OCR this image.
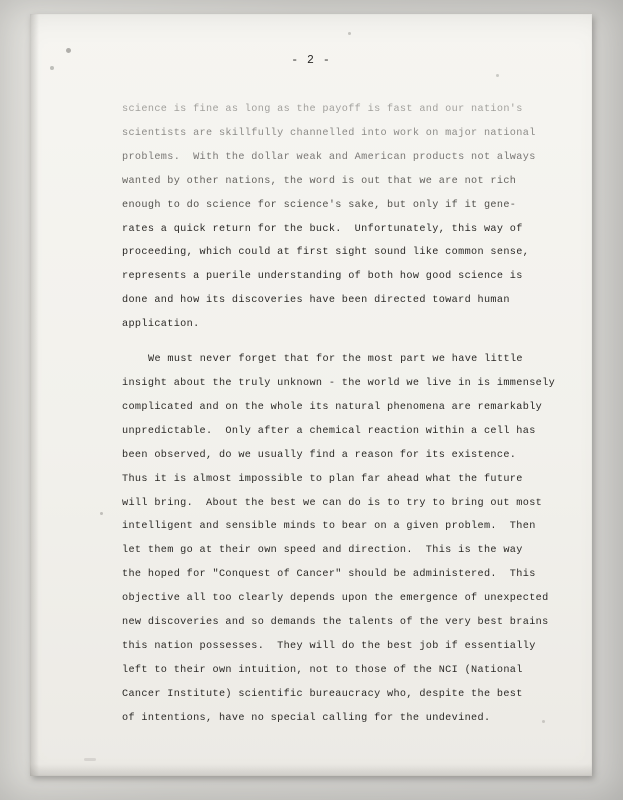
- 2 -

science is fine as long as the payoff is fast and our nation's
scientists are skillfully channelled into work on major national
problems.  With the dollar weak and American products not always
wanted by other nations, the word is out that we are not rich
enough to do science for science's sake, but only if it gene-
rates a quick return for the buck.  Unfortunately, this way of
proceeding, which could at first sight sound like common sense,
represents a puerile understanding of both how good science is
done and how its discoveries have been directed toward human
application.

We must never forget that for the most part we have little
insight about the truly unknown - the world we live in is immensely
complicated and on the whole its natural phenomena are remarkably
unpredictable.  Only after a chemical reaction within a cell has
been observed, do we usually find a reason for its existence.
Thus it is almost impossible to plan far ahead what the future
will bring.  About the best we can do is to try to bring out most
intelligent and sensible minds to bear on a given problem.  Then
let them go at their own speed and direction.  This is the way
the hoped for "Conquest of Cancer" should be administered.  This
objective all too clearly depends upon the emergence of unexpected
new discoveries and so demands the talents of the very best brains
this nation possesses.  They will do the best job if essentially
left to their own intuition, not to those of the NCI (National
Cancer Institute) scientific bureaucracy who, despite the best
of intentions, have no special calling for the undevined.
